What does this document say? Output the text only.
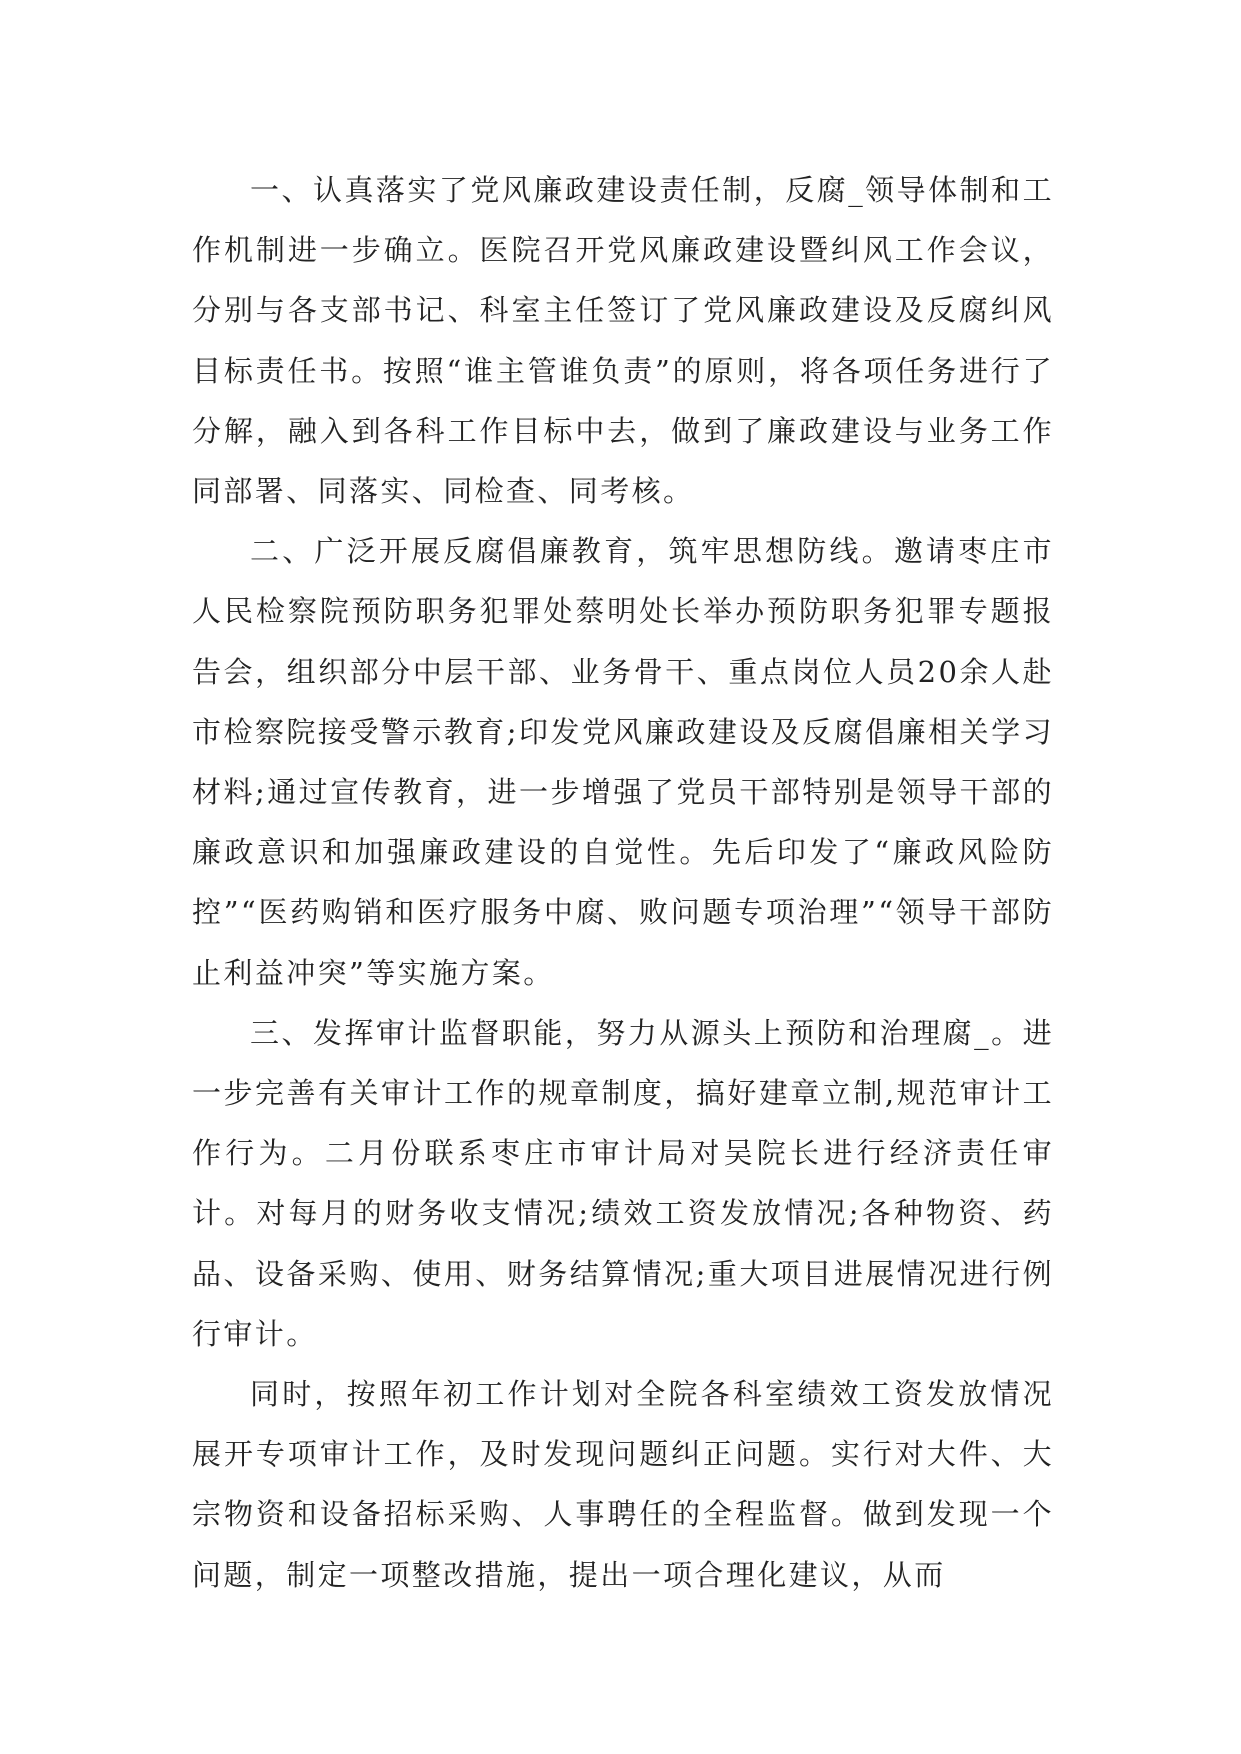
一、认真落实了党风廉政建设责任制，反腐_领导体制和工作机制进一步确立。医院召开党风廉政建设暨纠风工作会议，分别与各支部书记、科室主任签订了党风廉政建设及反腐纠风目标责任书。按照“谁主管谁负责”的原则，将各项任务进行了分解，融入到各科工作目标中去，做到了廉政建设与业务工作同部署、同落实、同检查、同考核。

二、广泛开展反腐倡廉教育，筑牢思想防线。邀请枣庄市人民检察院预防职务犯罪处蔡明处长举办预防职务犯罪专题报告会，组织部分中层干部、业务骨干、重点岗位人员20余人赴市检察院接受警示教育;印发党风廉政建设及反腐倡廉相关学习材料;通过宣传教育，进一步增强了党员干部特别是领导干部的廉政意识和加强廉政建设的自觉性。先后印发了“廉政风险防控”“医药购销和医疗服务中腐、败问题专项治理”“领导干部防止利益冲突”等实施方案。

三、发挥审计监督职能，努力从源头上预防和治理腐_。进一步完善有关审计工作的规章制度，搞好建章立制,规范审计工作行为。二月份联系枣庄市审计局对吴院长进行经济责任审计。对每月的财务收支情况;绩效工资发放情况;各种物资、药品、设备采购、使用、财务结算情况;重大项目进展情况进行例行审计。

同时，按照年初工作计划对全院各科室绩效工资发放情况展开专项审计工作，及时发现问题纠正问题。实行对大件、大宗物资和设备招标采购、人事聘任的全程监督。做到发现一个问题，制定一项整改措施，提出一项合理化建议，从而
